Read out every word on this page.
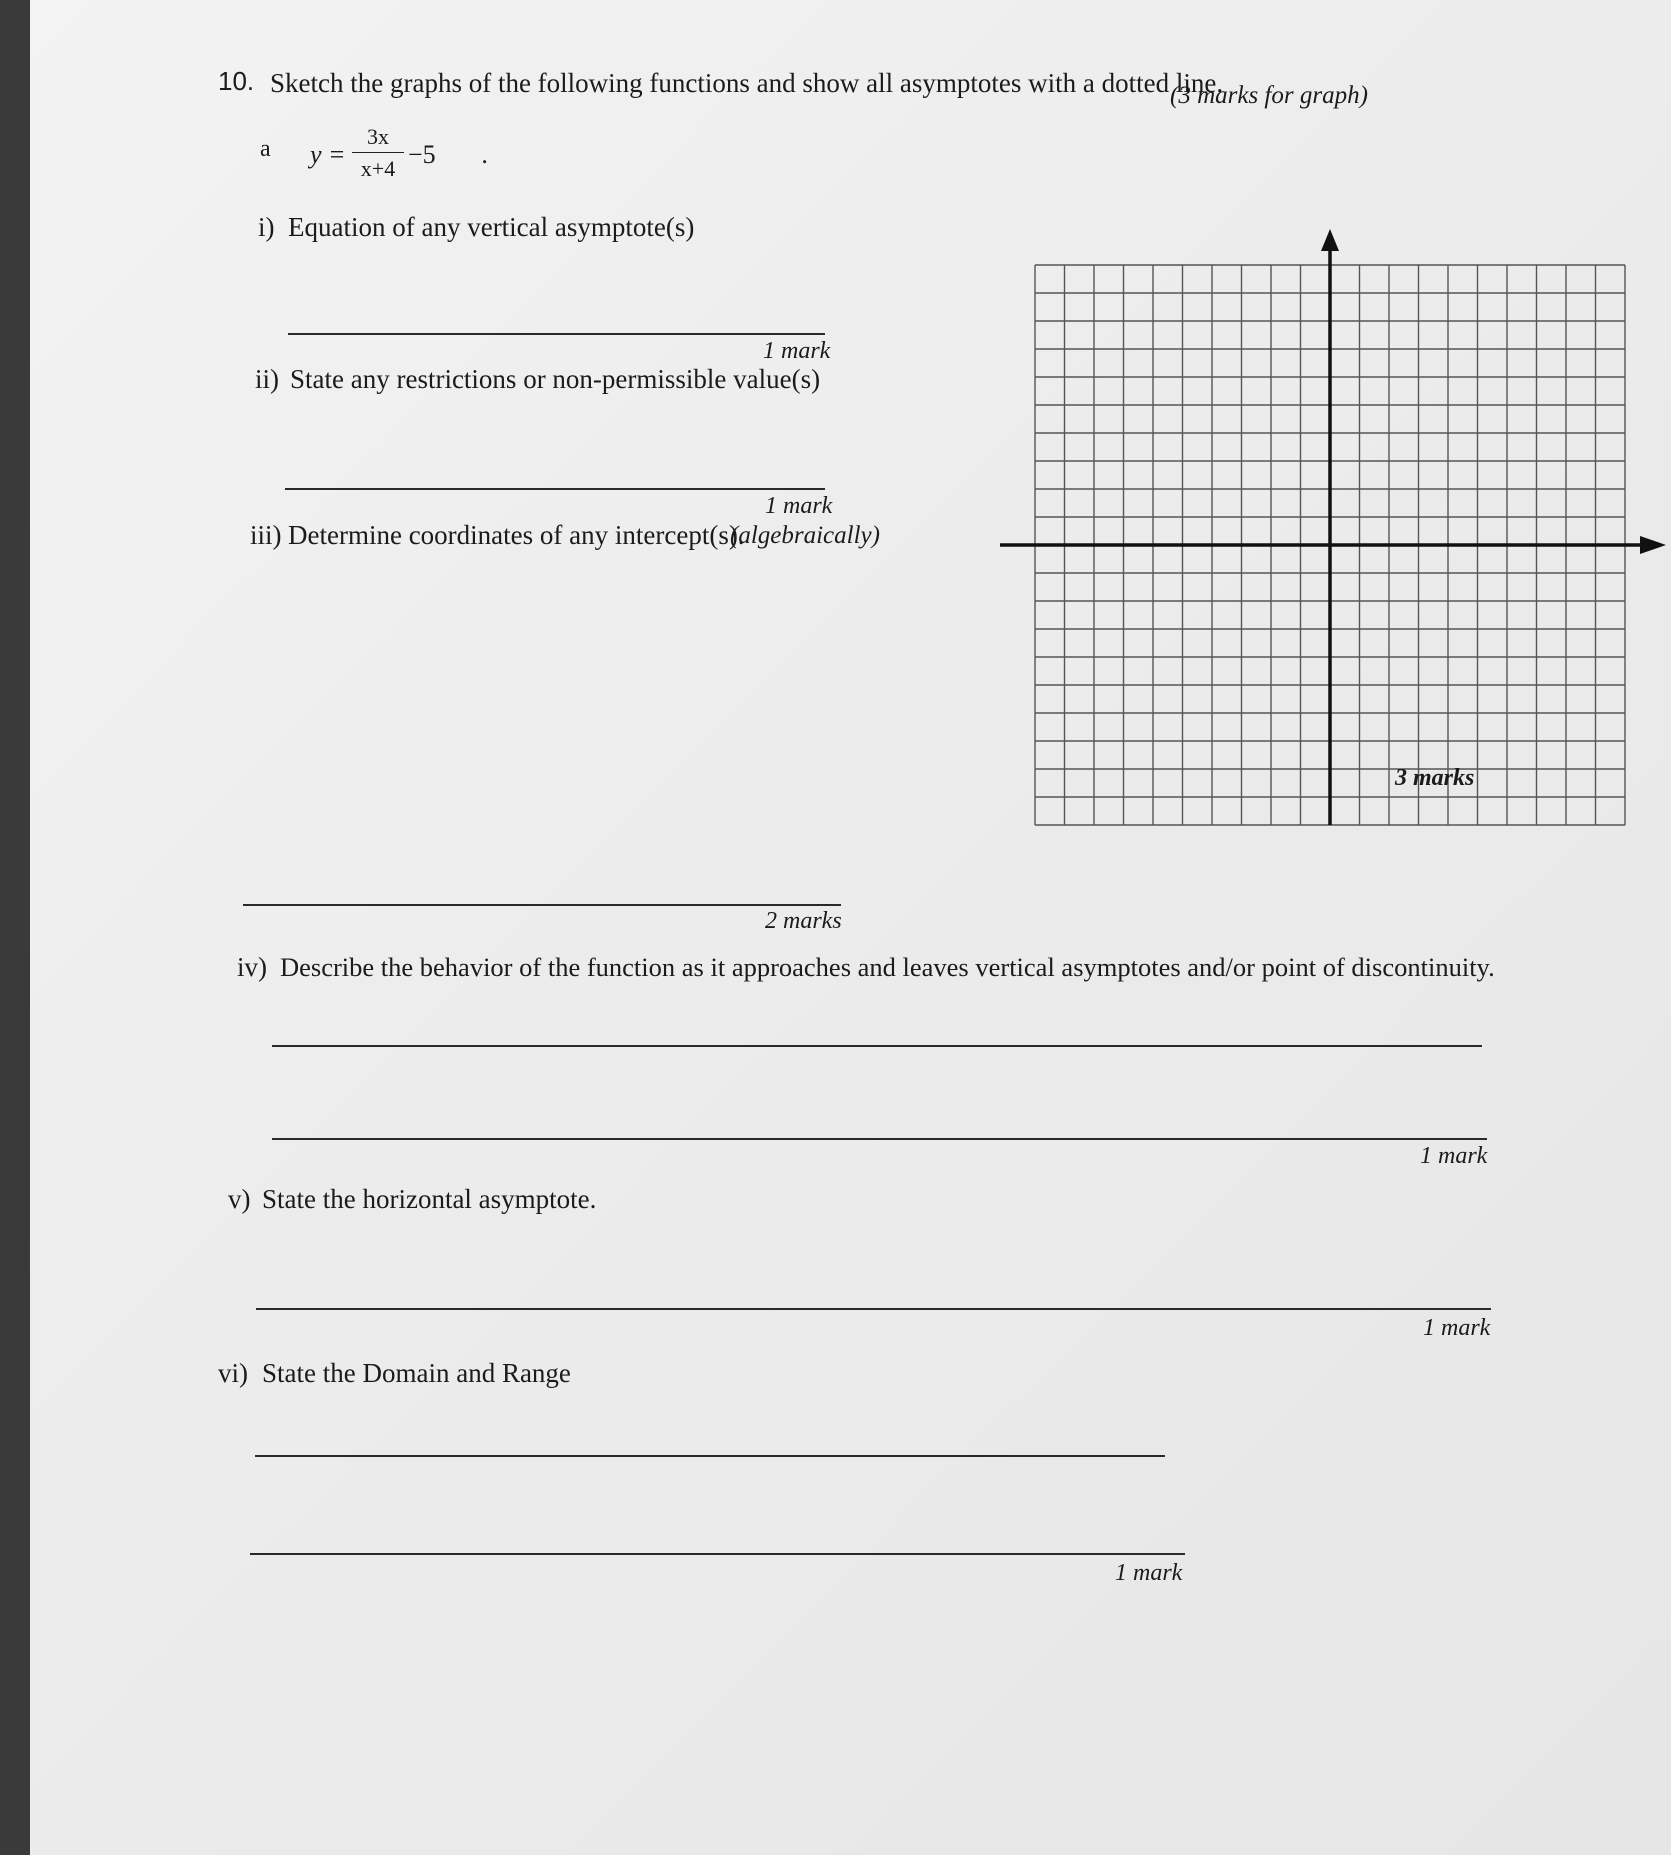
10. Sketch the graphs of the following functions and show all asymptotes with a dotted line.
(3 marks for graph)
a y =
3x
x+4 −5 .
i) Equation of any vertical asymptote(s)
1 mark
ii) State any restrictions or non-permissible value(s)
1 mark
iii) Determine coordinates of any intercept(s).
(algebraically)
2 marks
iv) Describe the behavior of the function as it approaches and leaves vertical asymptotes and/or point of discontinuity.
1 mark
v) State the horizontal asymptote.
1 mark
vi) State the Domain and Range
1 mark
3 marks
